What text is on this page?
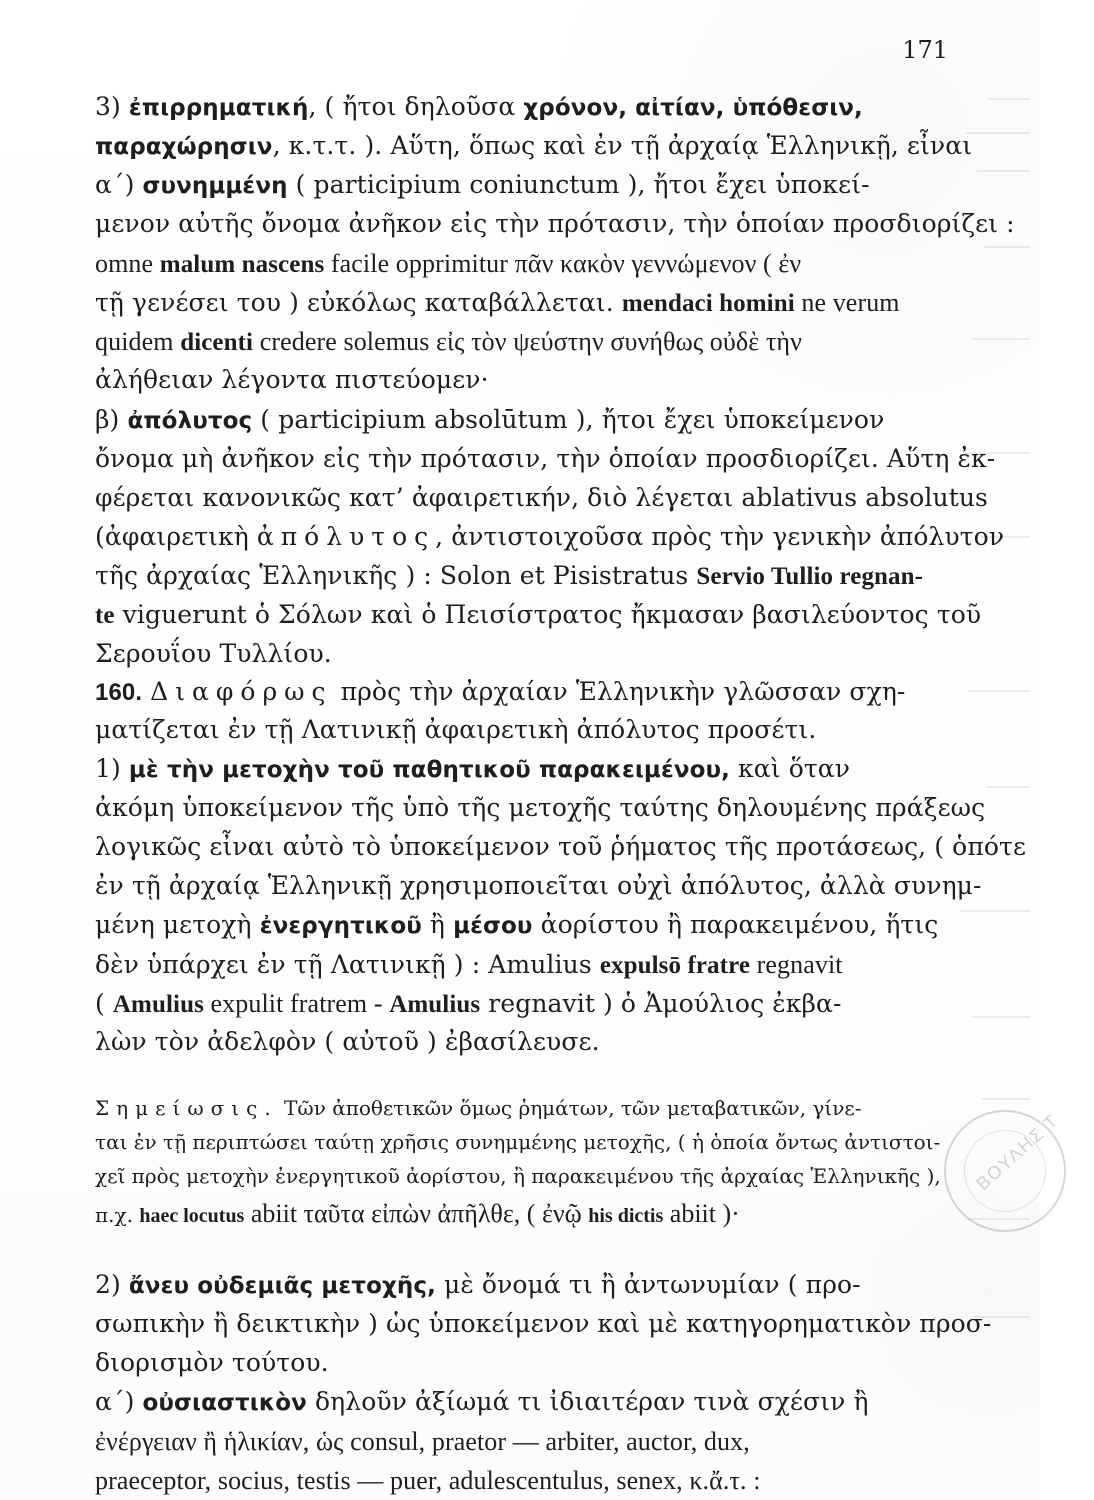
171
3) ἐπιρρηματική, ( ἤτοι δηλοῦσα χρόνον, αἰτίαν, ὑπόθεσιν,
παραχώρησιν, κ.τ.τ. ). Αὕτη, ὅπως καὶ ἐν τῇ ἀρχαίᾳ Ἑλληνικῇ, εἶναι
α΄) συνημμένη ( participium coniunctum ), ἤτοι ἔχει ὑποκεί-
μενον αὐτῆς ὄνομα ἀνῆκον εἰς τὴν πρότασιν, τὴν ὁποίαν προσδιορίζει :
omne malum nascens facile opprimitur πᾶν κακὸν γεννώμενον ( ἐν
τῇ γενέσει του ) εὐκόλως καταβάλλεται. mendaci homini ne verum
quidem dicenti credere solemus εἰς τὸν ψεύστην συνήθως οὐδὲ τὴν
ἀλήθειαν λέγοντα πιστεύομεν·
β) ἀπόλυτος ( participium absolūtum ), ἤτοι ἔχει ὑποκείμενον
ὄνομα μὴ ἀνῆκον εἰς τὴν πρότασιν, τὴν ὁποίαν προσδιορίζει. Αὕτη ἐκ-
φέρεται κανονικῶς κατ’ ἀφαιρετικήν, διὸ λέγεται ablativus absolutus
(ἀφαιρετικὴ ἀπόλυτος, ἀντιστοιχοῦσα πρὸς τὴν γενικὴν ἀπόλυτον
τῆς ἀρχαίας Ἑλληνικῆς ) : Solon et Pisistratus Servio Tullio regnan-
te viguerunt ὁ Σόλων καὶ ὁ Πεισίστρατος ἤκμασαν βασιλεύοντος τοῦ
Σερουΐου Τυλλίου.
160. Διαφόρως πρὸς τὴν ἀρχαίαν Ἑλληνικὴν γλῶσσαν σχη-
ματίζεται ἐν τῇ Λατινικῇ ἀφαιρετικὴ ἀπόλυτος προσέτι.
1) μὲ τὴν μετοχὴν τοῦ παθητικοῦ παρακειμένου, καὶ ὅταν
ἀκόμη ὑποκείμενον τῆς ὑπὸ τῆς μετοχῆς ταύτης δηλουμένης πράξεως
λογικῶς εἶναι αὐτὸ τὸ ὑποκείμενον τοῦ ῥήματος τῆς προτάσεως, ( ὁπότε
ἐν τῇ ἀρχαίᾳ Ἑλληνικῇ χρησιμοποιεῖται οὐχὶ ἀπόλυτος, ἀλλὰ συνημ-
μένη μετοχὴ ἐνεργητικοῦ ἢ μέσου ἀορίστου ἢ παρακειμένου, ἥτις
δὲν ὑπάρχει ἐν τῇ Λατινικῇ ) : Amulius expulsō fratre regnavit
( Amulius expulit fratrem - Amulius regnavit ) ὁ Ἀμούλιος ἐκβα-
λὼν τὸν ἀδελφὸν ( αὐτοῦ ) ἐβασίλευσε.
Σημείωσις. Τῶν ἀποθετικῶν ὅμως ῥημάτων, τῶν μεταβατικῶν, γίνε-
ται ἐν τῇ περιπτώσει ταύτῃ χρῆσις συνημμένης μετοχῆς, ( ἡ ὁποία ὄντως ἀντιστοι-
χεῖ πρὸς μετοχὴν ἐνεργητικοῦ ἀορίστου, ἢ παρακειμένου τῆς ἀρχαίας Ἑλληνικῆς ),
π.χ. haec locutus abiit ταῦτα εἰπὼν ἀπῆλθε, ( ἐνῷ his dictis abiit )·
2) ἄνευ οὐδεμιᾶς μετοχῆς, μὲ ὄνομά τι ἢ ἀντωνυμίαν ( προ-
σωπικὴν ἢ δεικτικὴν ) ὡς ὑποκείμενον καὶ μὲ κατηγορηματικὸν προσ-
διορισμὸν τούτου.
α΄) οὐσιαστικὸν δηλοῦν ἀξίωμά τι ἰδιαιτέραν τινὰ σχέσιν ἢ
ἐνέργειαν ἢ ἡλικίαν, ὡς consul, praetor — arbiter, auctor, dux,
praeceptor, socius, testis — puer, adulescentulus, senex, κ.ἄ.τ. :
ΒΟΥΛΗΣ Τ
